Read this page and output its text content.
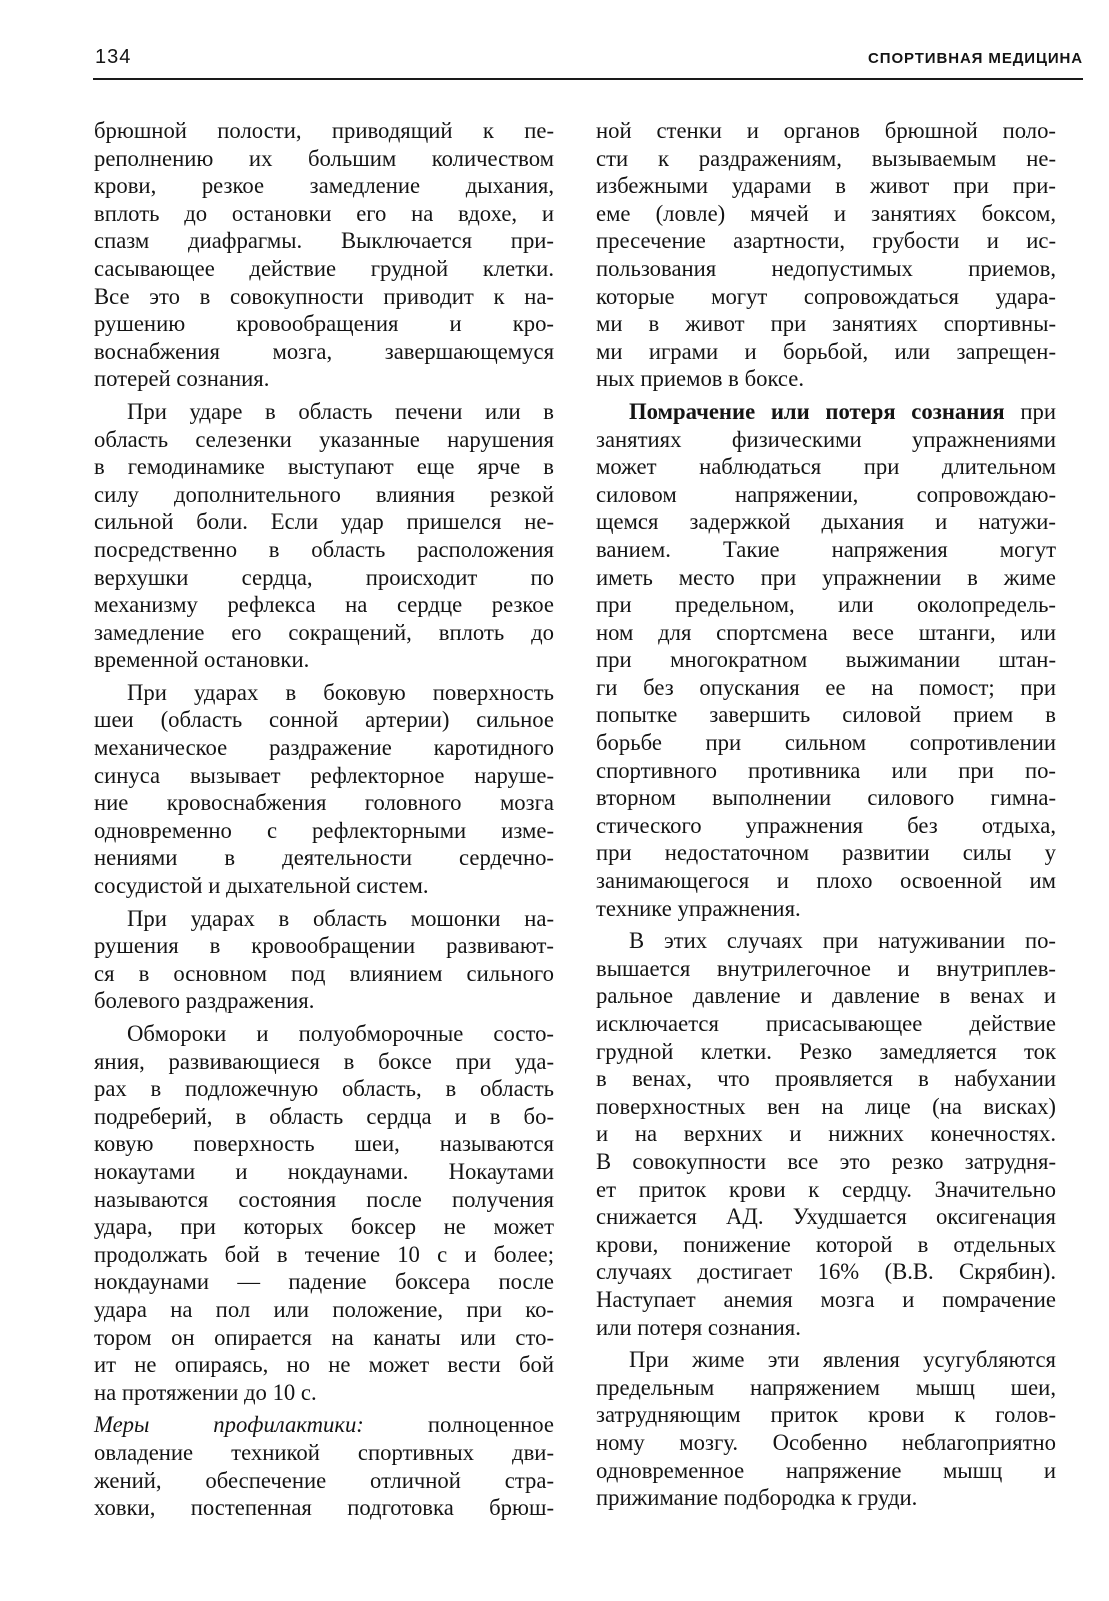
134	СПОРТИВНАЯ МЕДИЦИНА
брюшной полости, приводящий к пе-
реполнению их большим количеством
крови, резкое замедление дыхания,
вплоть до остановки его на вдохе, и
спазм диафрагмы. Выключается при-
сасывающее действие грудной клетки.
Все это в совокупности приводит к на-
рушению кровообращения и кро-
воснабжения мозга, завершающемуся
потерей сознания.
При ударе в область печени или в
область селезенки указанные нарушения
в гемодинамике выступают еще ярче в
силу дополнительного влияния резкой
сильной боли. Если удар пришелся не-
посредственно в область расположения
верхушки сердца, происходит по
механизму рефлекса на сердце резкое
замедление его сокращений, вплоть до
временной остановки.
При ударах в боковую поверхность
шеи (область сонной артерии) сильное
механическое раздражение каротидного
синуса вызывает рефлекторное наруше-
ние кровоснабжения головного мозга
одновременно с рефлекторными изме-
нениями в деятельности сердечно-
сосудистой и дыхательной систем.
При ударах в область мошонки на-
рушения в кровообращении развивают-
ся в основном под влиянием сильного
болевого раздражения.
Обмороки и полуобморочные состо-
яния, развивающиеся в боксе при уда-
рах в подложечную область, в область
подреберий, в область сердца и в бо-
ковую поверхность шеи, называются
нокаутами и нокдаунами. Нокаутами
называются состояния после получения
удара, при которых боксер не может
продолжать бой в течение 10 с и более;
нокдаунами — падение боксера после
удара на пол или положение, при ко-
тором он опирается на канаты или сто-
ит не опираясь, но не может вести бой
на протяжении до 10 с.
Меры профилактики: полноценное
овладение техникой спортивных дви-
жений, обеспечение отличной стра-
ховки, постепенная подготовка брюш-
ной стенки и органов брюшной поло-
сти к раздражениям, вызываемым не-
избежными ударами в живот при при-
еме (ловле) мячей и занятиях боксом,
пресечение азартности, грубости и ис-
пользования недопустимых приемов,
которые могут сопровождаться удара-
ми в живот при занятиях спортивны-
ми играми и борьбой, или запрещен-
ных приемов в боксе.
Помрачение или потеря сознания при
занятиях физическими упражнениями
может наблюдаться при длительном
силовом напряжении, сопровождаю-
щемся задержкой дыхания и натужи-
ванием. Такие напряжения могут
иметь место при упражнении в жиме
при предельном, или околопредель-
ном для спортсмена весе штанги, или
при многократном выжимании штан-
ги без опускания ее на помост; при
попытке завершить силовой прием в
борьбе при сильном сопротивлении
спортивного противника или при по-
вторном выполнении силового гимна-
стического упражнения без отдыха,
при недостаточном развитии силы у
занимающегося и плохо освоенной им
технике упражнения.
В этих случаях при натуживании по-
вышается внутрилегочное и внутриплев-
ральное давление и давление в венах и
исключается присасывающее действие
грудной клетки. Резко замедляется ток
в венах, что проявляется в набухании
поверхностных вен на лице (на висках)
и на верхних и нижних конечностях.
В совокупности все это резко затрудня-
ет приток крови к сердцу. Значительно
снижается АД. Ухудшается оксигенация
крови, понижение которой в отдельных
случаях достигает 16% (В.В. Скрябин).
Наступает анемия мозга и помрачение
или потеря сознания.
При жиме эти явления усугубляются
предельным напряжением мышц шеи,
затрудняющим приток крови к голов-
ному мозгу. Особенно неблагоприятно
одновременное напряжение мышц и
прижимание подбородка к груди.
